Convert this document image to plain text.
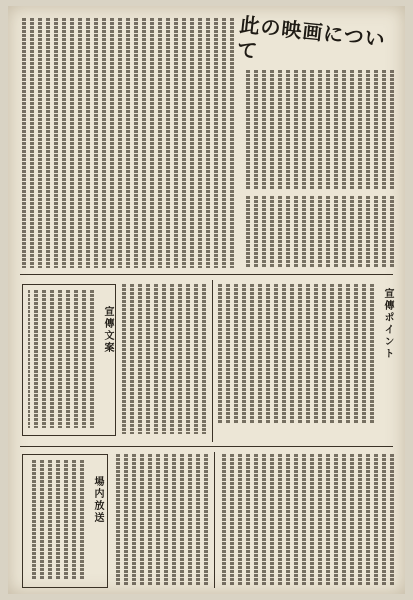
此の映画について
宣傳ポイント
宣傳文案
場内放送
